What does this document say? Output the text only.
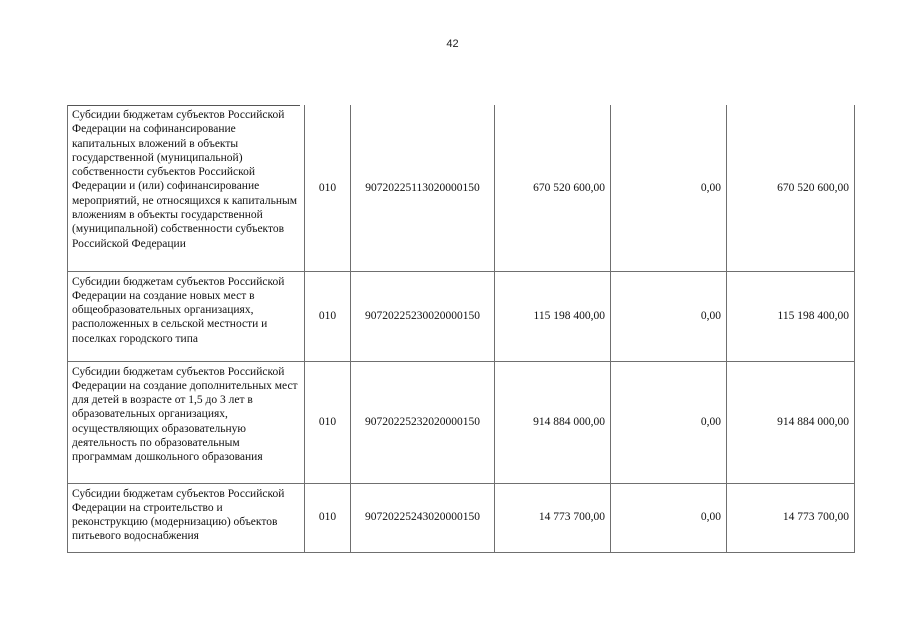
42
Субсидии бюджетам субъектов Российской Федерации на софинансирование капитальных вложений в объекты государственной (муниципальной) собственности субъектов Российской Федерации и (или) софинансирование мероприятий, не относящихся к капитальным вложениям в объекты государственной (муниципальной) собственности субъектов Российской Федерации	010	90720225113020000150	670 520 600,00	0,00	670 520 600,00
Субсидии бюджетам субъектов Российской Федерации на создание новых мест в общеобразовательных организациях, расположенных в сельской местности и поселках городского типа	010	90720225230020000150	115 198 400,00	0,00	115 198 400,00
Субсидии бюджетам субъектов Российской Федерации на создание дополнительных мест для детей в возрасте от 1,5 до 3 лет в образовательных организациях, осуществляющих образовательную деятельность по образовательным программам дошкольного образования	010	90720225232020000150	914 884 000,00	0,00	914 884 000,00
Субсидии бюджетам субъектов Российской Федерации на строительство и реконструкцию (модернизацию) объектов питьевого водоснабжения	010	90720225243020000150	14 773 700,00	0,00	14 773 700,00
